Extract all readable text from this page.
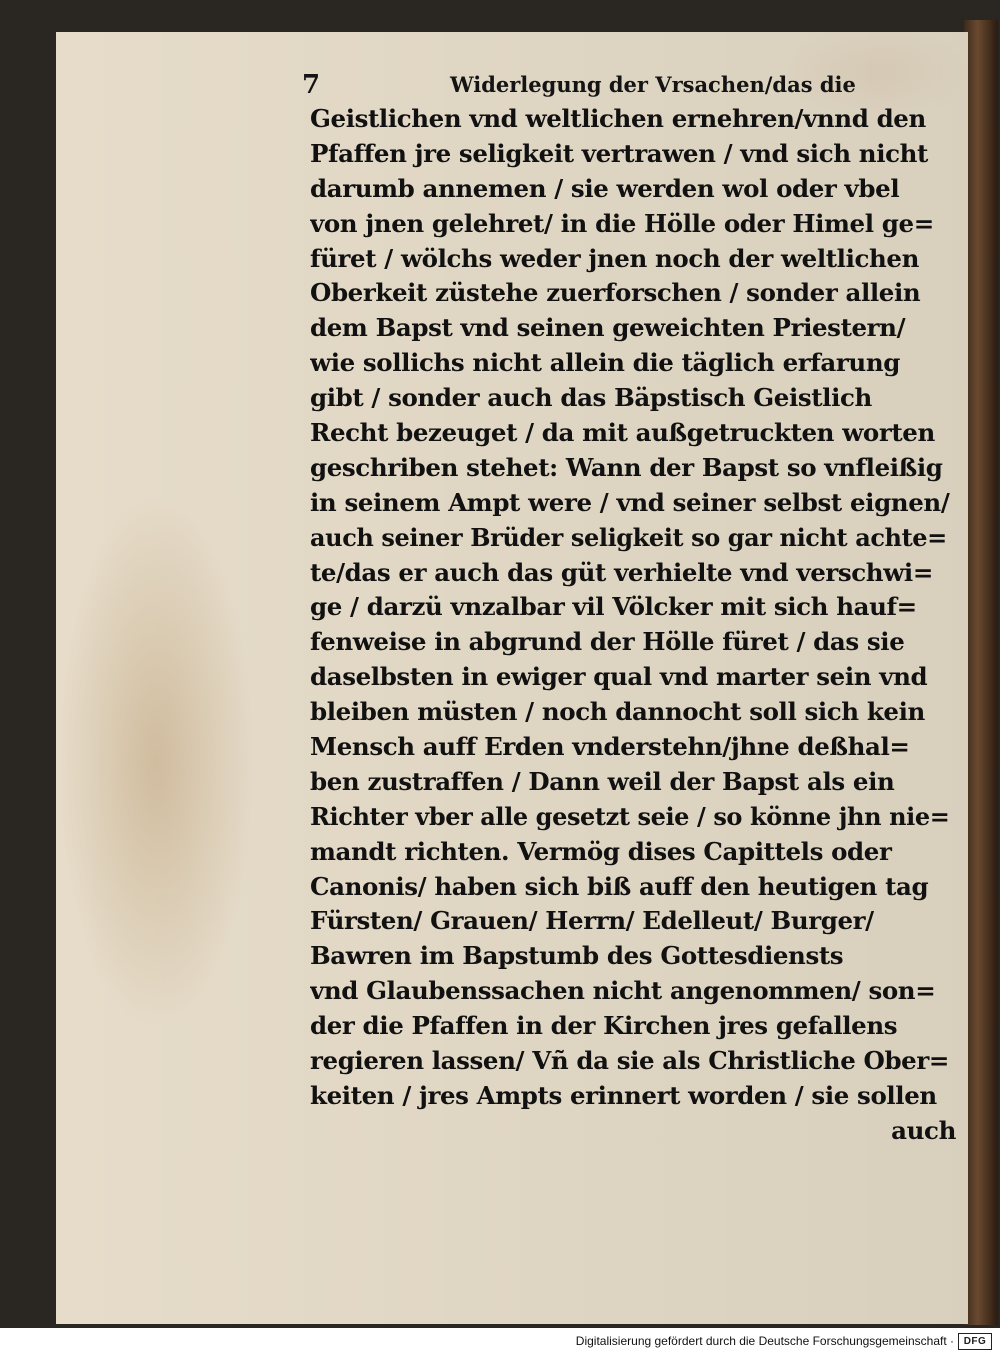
7	Widerlegung der Vrsachen/das die
Geistlichen vnd weltlichen ernehren/vnnd den
Pfaffen jre seligkeit vertrawen / vnd sich nicht
darumb annemen / sie werden wol oder vbel
von jnen gelehret/ in die Hölle oder Himel ge=
füret / wölchs weder jnen noch der weltlichen
Oberkeit züstehe zuerforschen / sonder allein
dem Bapst vnd seinen geweichten Priestern/
wie sollichs nicht allein die täglich erfarung
gibt / sonder auch das Bäpstisch Geistlich
Recht bezeuget / da mit außgetruckten worten
geschriben stehet: Wann der Bapst so vnfleißig
in seinem Ampt were / vnd seiner selbst eignen/
auch seiner Brüder seligkeit so gar nicht achte=
te/das er auch das güt verhielte vnd verschwi=
ge / darzü vnzalbar vil Völcker mit sich hauf=
fenweise in abgrund der Hölle füret / das sie
daselbsten in ewiger qual vnd marter sein vnd
bleiben müsten / noch dannocht soll sich kein
Mensch auff Erden vnderstehn/jhne deßhal=
ben zustraffen / Dann weil der Bapst als ein
Richter vber alle gesetzt seie / so könne jhn nie=
mandt richten. Vermög dises Capittels oder
Canonis/ haben sich biß auff den heutigen tag
Fürsten/ Grauen/ Herrn/ Edelleut/ Burger/
Bawren im Bapstumb des Gottesdiensts
vnd Glaubenssachen nicht angenommen/ son=
der die Pfaffen in der Kirchen jres gefallens
regieren lassen/ Vñ da sie als Christliche Ober=
keiten / jres Ampts erinnert worden / sie sollen
auch
Digitalisierung gefördert durch die Deutsche Forschungsgemeinschaft · DFG
